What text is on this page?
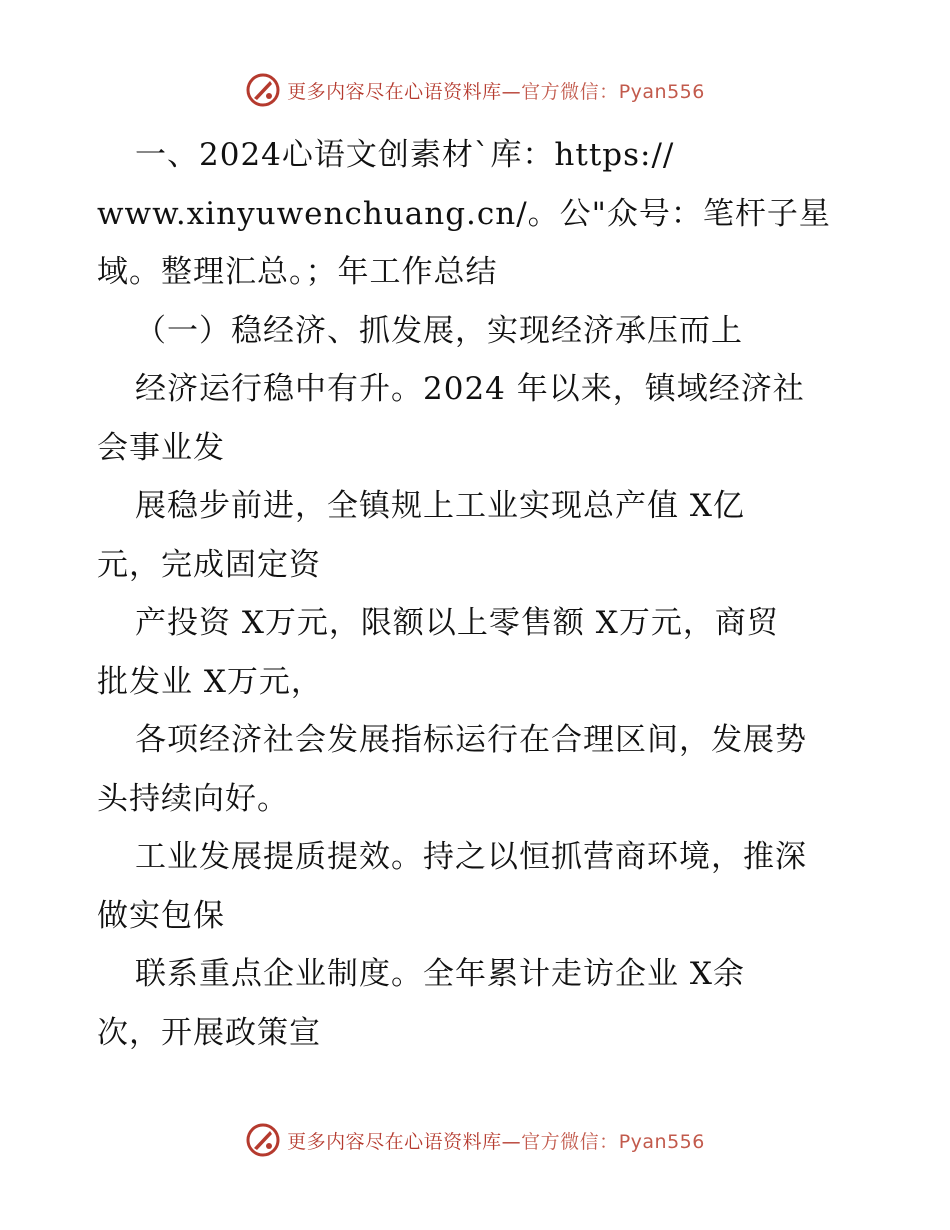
更多内容尽在心语资料库—官方微信：Pyan556
一、2024心语文创素材`库：https://
www.xinyuwenchuang.cn/。公"众号：笔杆子星
域。整理汇总。；年工作总结
（一）稳经济、抓发展，实现经济承压而上
经济运行稳中有升。2024 年以来，镇域经济社
会事业发
展稳步前进，全镇规上工业实现总产值 X亿
元，完成固定资
产投资 X万元，限额以上零售额 X万元，商贸
批发业 X万元，
各项经济社会发展指标运行在合理区间，发展势
头持续向好。
工业发展提质提效。持之以恒抓营商环境，推深
做实包保
联系重点企业制度。全年累计走访企业 X余
次，开展政策宣
更多内容尽在心语资料库—官方微信：Pyan556
